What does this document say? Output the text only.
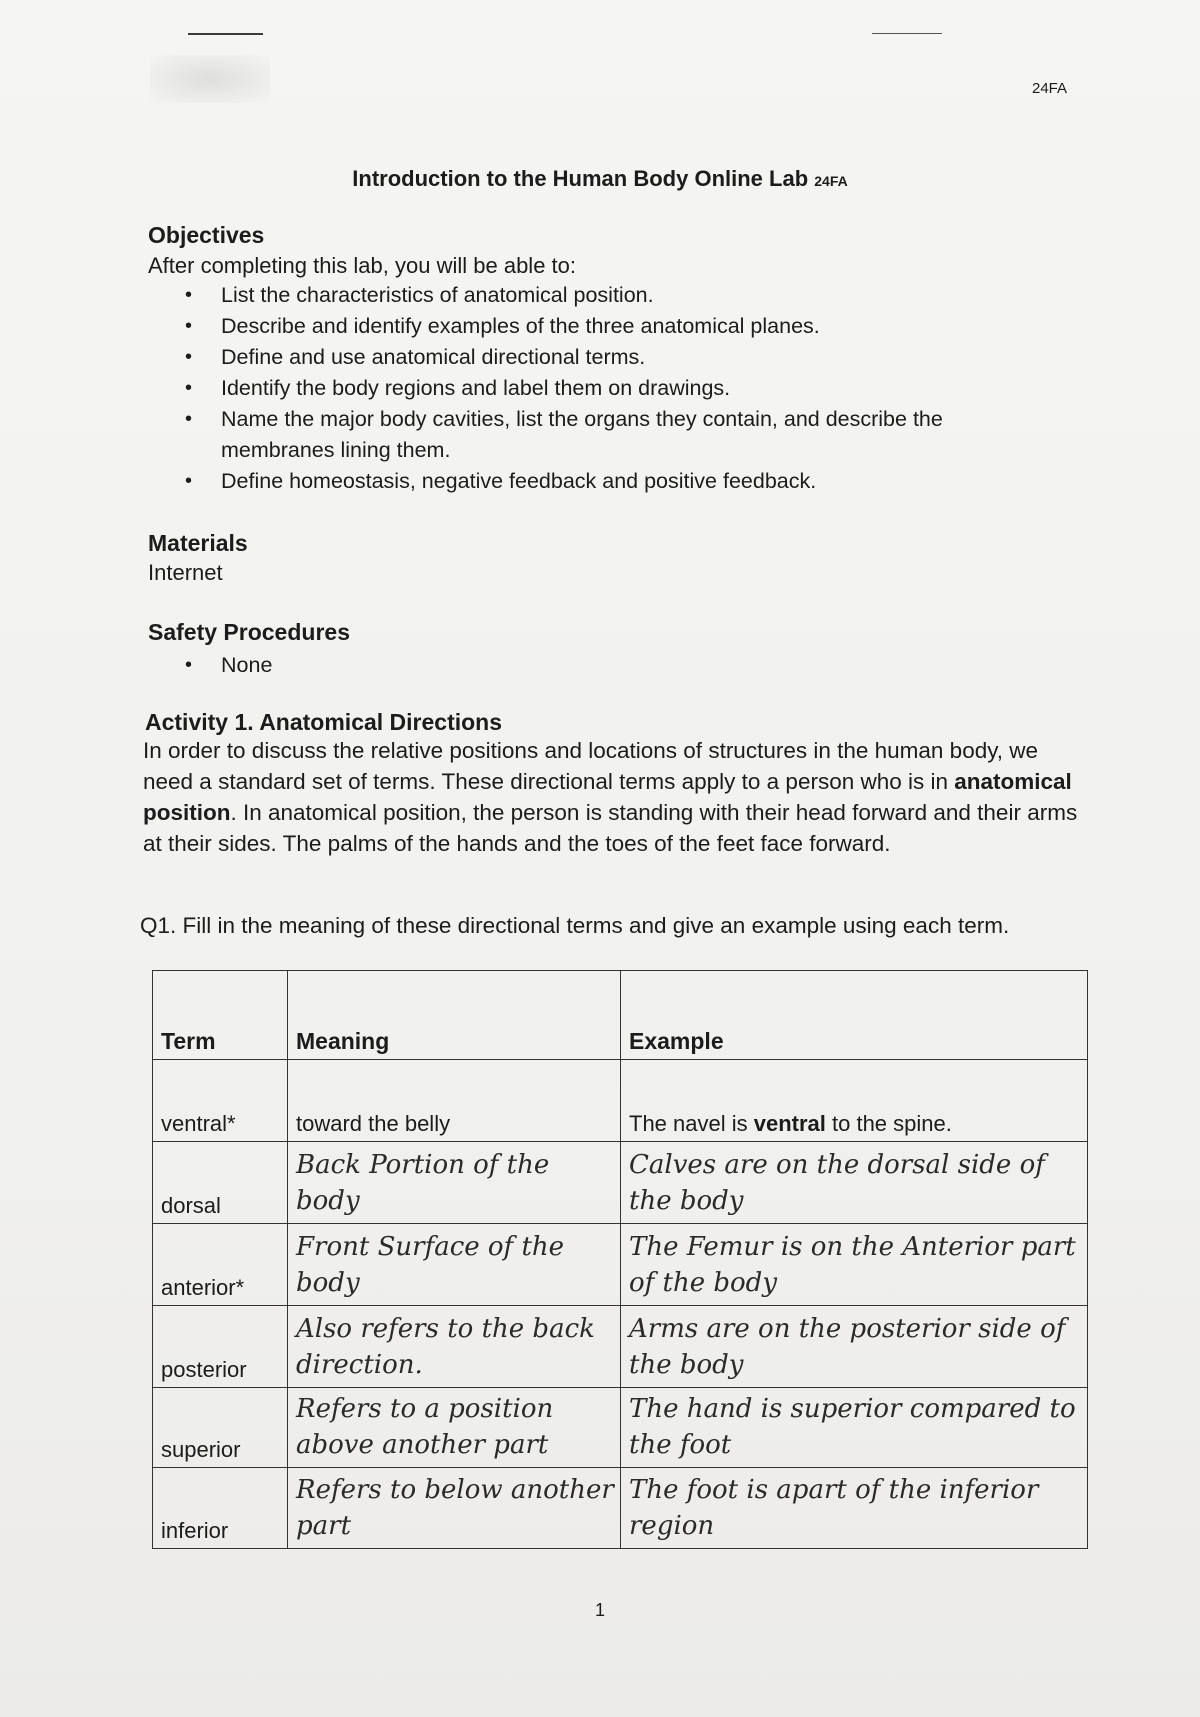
24FA
Introduction to the Human Body Online Lab 24FA
Objectives
After completing this lab, you will be able to:
• List the characteristics of anatomical position.
• Describe and identify examples of the three anatomical planes.
• Define and use anatomical directional terms.
• Identify the body regions and label them on drawings.
• Name the major body cavities, list the organs they contain, and describe the membranes lining them.
• Define homeostasis, negative feedback and positive feedback.
Materials
Internet
Safety Procedures
• None
Activity 1. Anatomical Directions
In order to discuss the relative positions and locations of structures in the human body, we need a standard set of terms. These directional terms apply to a person who is in anatomical position. In anatomical position, the person is standing with their head forward and their arms at their sides. The palms of the hands and the toes of the feet face forward.
Q1. Fill in the meaning of these directional terms and give an example using each term.
Term	Meaning	Example
ventral*	toward the belly	The navel is ventral to the spine.
dorsal	Back Portion of the body	Calves are on the dorsal side of the body
anterior*	Front Surface of the body	The Femur is on the Anterior part of the body
posterior	Also refers to the back direction.	Arms are on the posterior side of the body
superior	Refers to a position above another part	The hand is superior compared to the foot
inferior	Refers to below another part	The foot is apart of the inferior region
1
